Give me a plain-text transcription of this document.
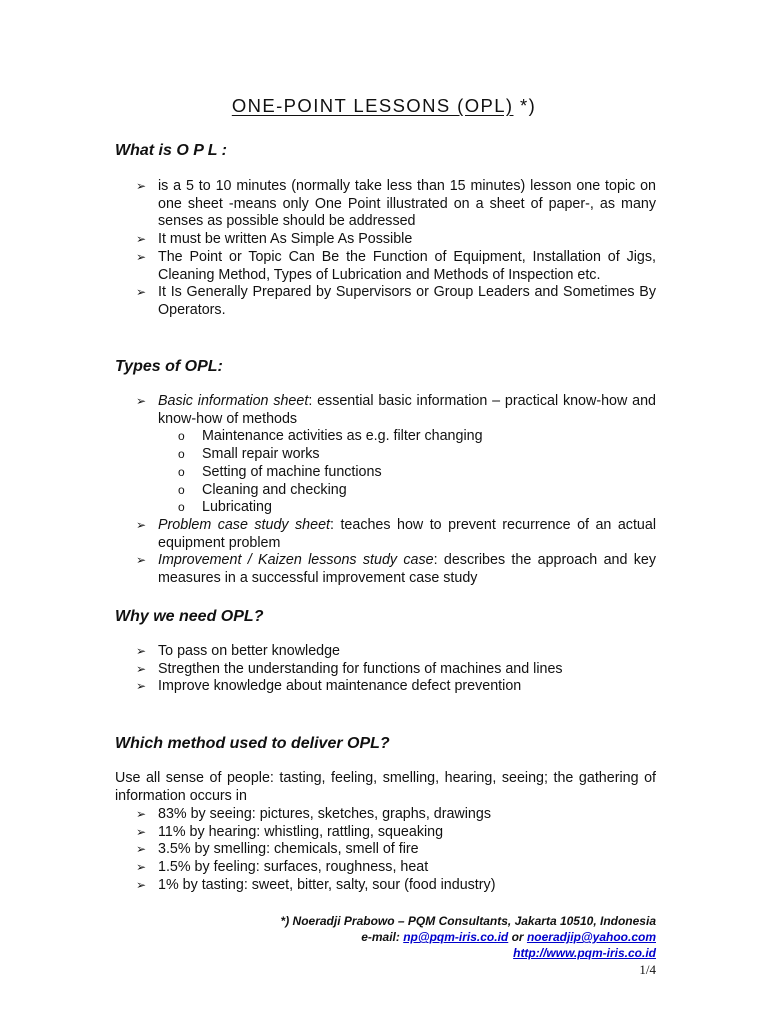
ONE-POINT LESSONS (OPL) *)
What is O P L :
➢ is a 5 to 10 minutes (normally take less than 15 minutes) lesson one topic on one sheet -means only One Point illustrated on a sheet of paper-, as many senses as possible should be addressed
➢ It must be written As Simple As Possible
➢ The Point or Topic Can Be the Function of Equipment, Installation of Jigs, Cleaning Method, Types of Lubrication and Methods of Inspection etc.
➢ It Is Generally Prepared by Supervisors or Group Leaders and Sometimes By Operators.
Types of OPL:
➢ Basic information sheet: essential basic information – practical know-how and know-how of methods
o Maintenance activities as e.g. filter changing
o Small repair works
o Setting of machine functions
o Cleaning and checking
o Lubricating
➢ Problem case study sheet: teaches how to prevent recurrence of an actual equipment problem
➢ Improvement / Kaizen lessons study case: describes the approach and key measures in a successful improvement case study
Why we need OPL?
➢ To pass on better knowledge
➢ Stregthen the understanding for functions of machines and lines
➢ Improve knowledge about maintenance defect prevention
Which method used to deliver OPL?
Use all sense of people: tasting, feeling, smelling, hearing, seeing; the gathering of information occurs in
➢ 83% by seeing: pictures, sketches, graphs, drawings
➢ 11% by hearing: whistling, rattling, squeaking
➢ 3.5% by smelling: chemicals, smell of fire
➢ 1.5% by feeling: surfaces, roughness, heat
➢ 1% by tasting: sweet, bitter, salty, sour (food industry)
*) Noeradji Prabowo – PQM Consultants, Jakarta 10510, Indonesia
e-mail: np@pqm-iris.co.id or noeradjip@yahoo.com
http://www.pqm-iris.co.id
1/4
